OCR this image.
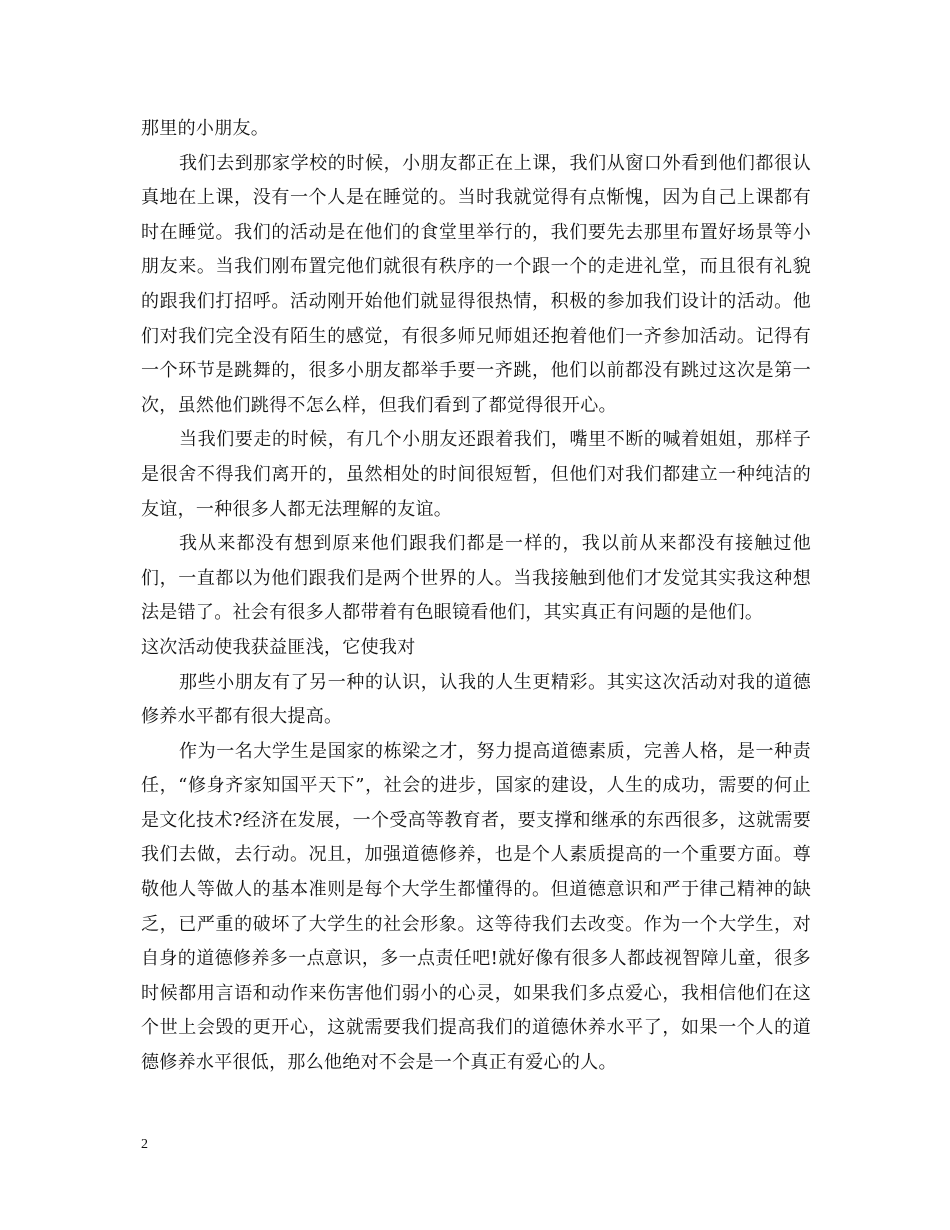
那里的小朋友。

我们去到那家学校的时候，小朋友都正在上课，我们从窗口外看到他们都很认真地在上课，没有一个人是在睡觉的。当时我就觉得有点惭愧，因为自己上课都有时在睡觉。我们的活动是在他们的食堂里举行的，我们要先去那里布置好场景等小朋友来。当我们刚布置完他们就很有秩序的一个跟一个的走进礼堂，而且很有礼貌的跟我们打招呼。活动刚开始他们就显得很热情，积极的参加我们设计的活动。他们对我们完全没有陌生的感觉，有很多师兄师姐还抱着他们一齐参加活动。记得有一个环节是跳舞的，很多小朋友都举手要一齐跳，他们以前都没有跳过这次是第一次，虽然他们跳得不怎么样，但我们看到了都觉得很开心。

当我们要走的时候，有几个小朋友还跟着我们，嘴里不断的喊着姐姐，那样子是很舍不得我们离开的，虽然相处的时间很短暂，但他们对我们都建立一种纯洁的友谊，一种很多人都无法理解的友谊。

我从来都没有想到原来他们跟我们都是一样的，我以前从来都没有接触过他们，一直都以为他们跟我们是两个世界的人。当我接触到他们才发觉其实我这种想法是错了。社会有很多人都带着有色眼镜看他们，其实真正有问题的是他们。

这次活动使我获益匪浅，它使我对

那些小朋友有了另一种的认识，认我的人生更精彩。其实这次活动对我的道德修养水平都有很大提高。

作为一名大学生是国家的栋梁之才，努力提高道德素质，完善人格，是一种责任，“修身齐家知国平天下”，社会的进步，国家的建设，人生的成功，需要的何止是文化技术?经济在发展，一个受高等教育者，要支撑和继承的东西很多，这就需要我们去做，去行动。况且，加强道德修养，也是个人素质提高的一个重要方面。尊敬他人等做人的基本准则是每个大学生都懂得的。但道德意识和严于律己精神的缺乏，已严重的破坏了大学生的社会形象。这等待我们去改变。作为一个大学生，对自身的道德修养多一点意识，多一点责任吧!就好像有很多人都歧视智障儿童，很多时候都用言语和动作来伤害他们弱小的心灵，如果我们多点爱心，我相信他们在这个世上会毁的更开心，这就需要我们提高我们的道德休养水平了，如果一个人的道德修养水平很低，那么他绝对不会是一个真正有爱心的人。

2
